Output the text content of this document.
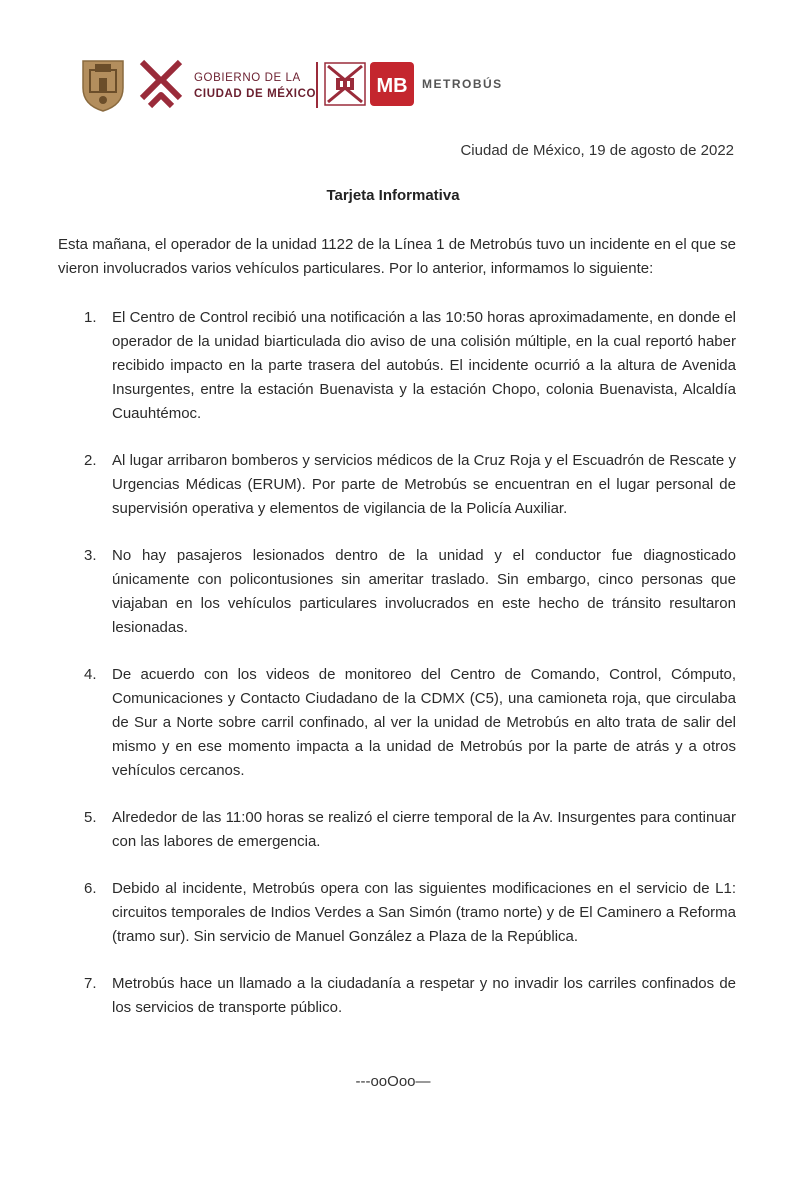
GOBIERNO DE LA
CIUDAD DE MÉXICO	MB METROBÚS
Ciudad de México, 19 de agosto de 2022
Tarjeta Informativa

Esta mañana, el operador de la unidad 1122 de la Línea 1 de Metrobús tuvo un incidente en el que se vieron involucrados varios vehículos particulares. Por lo anterior, informamos lo siguiente:

1. El Centro de Control recibió una notificación a las 10:50 horas aproximadamente, en donde el operador de la unidad biarticulada dio aviso de una colisión múltiple, en la cual reportó haber recibido impacto en la parte trasera del autobús. El incidente ocurrió a la altura de Avenida Insurgentes, entre la estación Buenavista y la estación Chopo, colonia Buenavista, Alcaldía Cuauhtémoc.
2. Al lugar arribaron bomberos y servicios médicos de la Cruz Roja y el Escuadrón de Rescate y Urgencias Médicas (ERUM). Por parte de Metrobús se encuentran en el lugar personal de supervisión operativa y elementos de vigilancia de la Policía Auxiliar.
3. No hay pasajeros lesionados dentro de la unidad y el conductor fue diagnosticado únicamente con policontusiones sin ameritar traslado. Sin embargo, cinco personas que viajaban en los vehículos particulares involucrados en este hecho de tránsito resultaron lesionadas.
4. De acuerdo con los videos de monitoreo del Centro de Comando, Control, Cómputo, Comunicaciones y Contacto Ciudadano de la CDMX (C5), una camioneta roja, que circulaba de Sur a Norte sobre carril confinado, al ver la unidad de Metrobús en alto trata de salir del mismo y en ese momento impacta a la unidad de Metrobús por la parte de atrás y a otros vehículos cercanos.
5. Alrededor de las 11:00 horas se realizó el cierre temporal de la Av. Insurgentes para continuar con las labores de emergencia.
6. Debido al incidente, Metrobús opera con las siguientes modificaciones en el servicio de L1: circuitos temporales de Indios Verdes a San Simón (tramo norte) y de El Caminero a Reforma (tramo sur). Sin servicio de Manuel González a Plaza de la República.
7. Metrobús hace un llamado a la ciudadanía a respetar y no invadir los carriles confinados de los servicios de transporte público.
---ooOoo—
